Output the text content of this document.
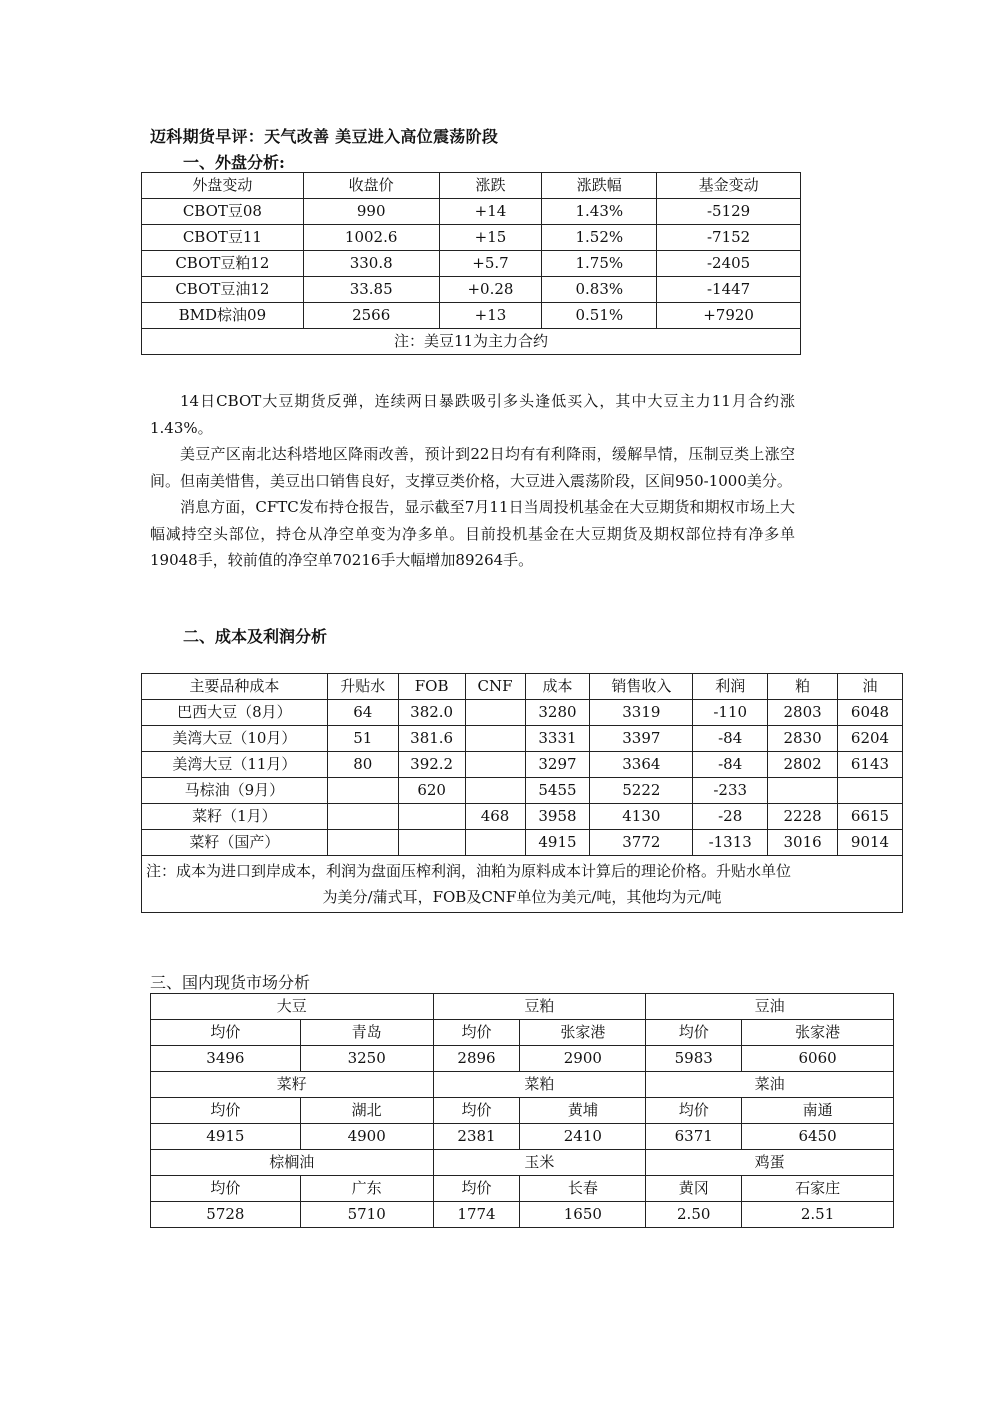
迈科期货早评：天气改善 美豆进入高位震荡阶段
一、外盘分析:
外盘变动	收盘价	涨跌	涨跌幅	基金变动
CBOT豆08	990	+14	1.43%	-5129
CBOT豆11	1002.6	+15	1.52%	-7152
CBOT豆粕12	330.8	+5.7	1.75%	-2405
CBOT豆油12	33.85	+0.28	0.83%	-1447
BMD棕油09	2566	+13	0.51%	+7920
注：美豆11为主力合约				

14日CBOT大豆期货反弹，连续两日暴跌吸引多头逢低买入，其中大豆主力11月合约涨1.43%。

美豆产区南北达科塔地区降雨改善，预计到22日均有有利降雨，缓解旱情，压制豆类上涨空间。但南美惜售，美豆出口销售良好，支撑豆类价格，大豆进入震荡阶段，区间950-1000美分。

消息方面，CFTC发布持仓报告，显示截至7月11日当周投机基金在大豆期货和期权市场上大幅减持空头部位，持仓从净空单变为净多单。目前投机基金在大豆期货及期权部位持有净多单19048手，较前值的净空单70216手大幅增加89264手。

二、成本及利润分析
主要品种成本	升贴水	FOB	CNF	成本	销售收入	利润	粕	油
巴西大豆（8月）	64	382.0		3280	3319	-110	2803	6048
美湾大豆（10月）	51	381.6		3331	3397	-84	2830	6204
美湾大豆（11月）	80	392.2		3297	3364	-84	2802	6143
马棕油（9月）		620		5455	5222	-233		
菜籽（1月）			468	3958	4130	-28	2228	6615
菜籽（国产）				4915	3772	-1313	3016	9014

注：成本为进口到岸成本，利润为盘面压榨利润，油粕为原料成本计算后的理论价格。升贴水单位
为美分/蒲式耳，FOB及CNF单位为美元/吨，其他均为元/吨								
三、国内现货市场分析
大豆		豆粕		豆油	
均价	青岛	均价	张家港	均价	张家港
3496	3250	2896	2900	5983	6060
菜籽		菜粕		菜油	
均价	湖北	均价	黄埔	均价	南通
4915	4900	2381	2410	6371	6450
棕榈油		玉米		鸡蛋	
均价	广东	均价	长春	黄冈	石家庄
5728	5710	1774	1650	2.50	2.51
